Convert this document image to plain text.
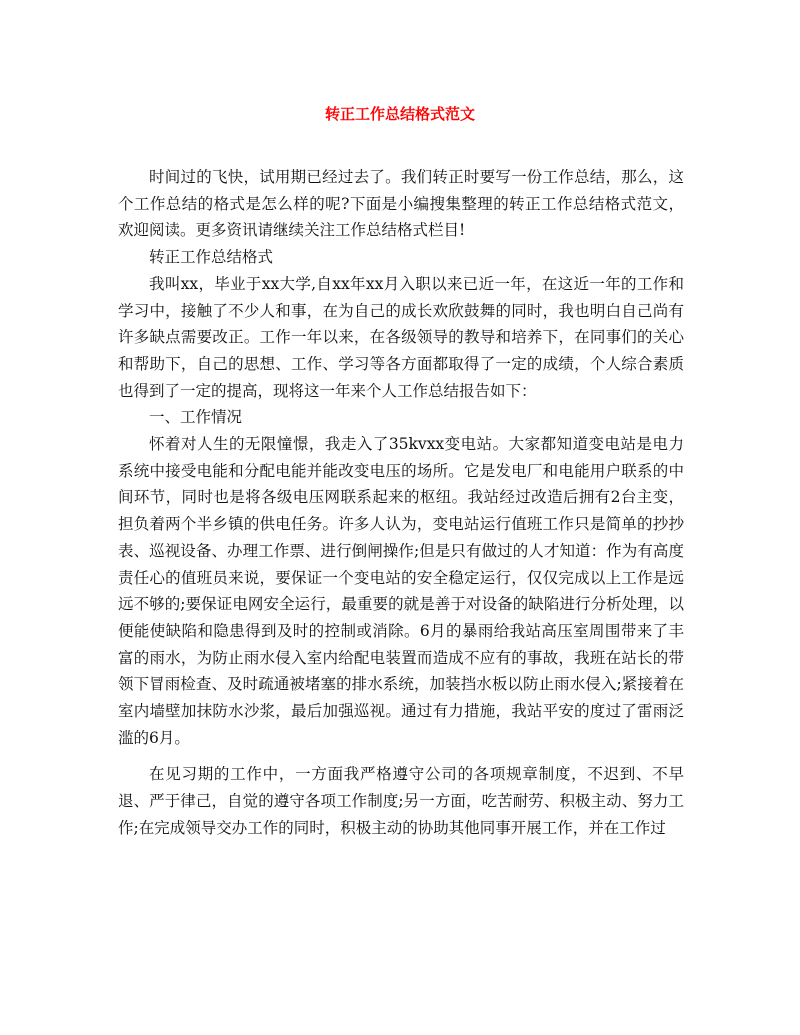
转正工作总结格式范文

时间过的飞快，试用期已经过去了。我们转正时要写一份工作总结，那么，这个工作总结的格式是怎么样的呢?下面是小编搜集整理的转正工作总结格式范文，欢迎阅读。更多资讯请继续关注工作总结格式栏目!

转正工作总结格式

我叫xx，毕业于xx大学,自xx年xx月入职以来已近一年，在这近一年的工作和学习中，接触了不少人和事，在为自己的成长欢欣鼓舞的同时，我也明白自己尚有许多缺点需要改正。工作一年以来，在各级领导的教导和培养下，在同事们的关心和帮助下，自己的思想、工作、学习等各方面都取得了一定的成绩，个人综合素质也得到了一定的提高，现将这一年来个人工作总结报告如下：

一、工作情况

怀着对人生的无限憧憬，我走入了35kvxx变电站。大家都知道变电站是电力系统中接受电能和分配电能并能改变电压的场所。它是发电厂和电能用户联系的中间环节，同时也是将各级电压网联系起来的枢纽。我站经过改造后拥有2台主变，担负着两个半乡镇的供电任务。许多人认为，变电站运行值班工作只是简单的抄抄表、巡视设备、办理工作票、进行倒闸操作;但是只有做过的人才知道：作为有高度责任心的值班员来说，要保证一个变电站的安全稳定运行，仅仅完成以上工作是远远不够的;要保证电网安全运行，最重要的就是善于对设备的缺陷进行分析处理，以便能使缺陷和隐患得到及时的控制或消除。6月的暴雨给我站高压室周围带来了丰富的雨水，为防止雨水侵入室内给配电装置而造成不应有的事故，我班在站长的带领下冒雨检查、及时疏通被堵塞的排水系统，加装挡水板以防止雨水侵入;紧接着在室内墙壁加抹防水沙浆，最后加强巡视。通过有力措施，我站平安的度过了雷雨泛滥的6月。

在见习期的工作中，一方面我严格遵守公司的各项规章制度，不迟到、不早退、严于律己，自觉的遵守各项工作制度;另一方面，吃苦耐劳、积极主动、努力工作;在完成领导交办工作的同时，积极主动的协助其他同事开展工作，并在工作过
